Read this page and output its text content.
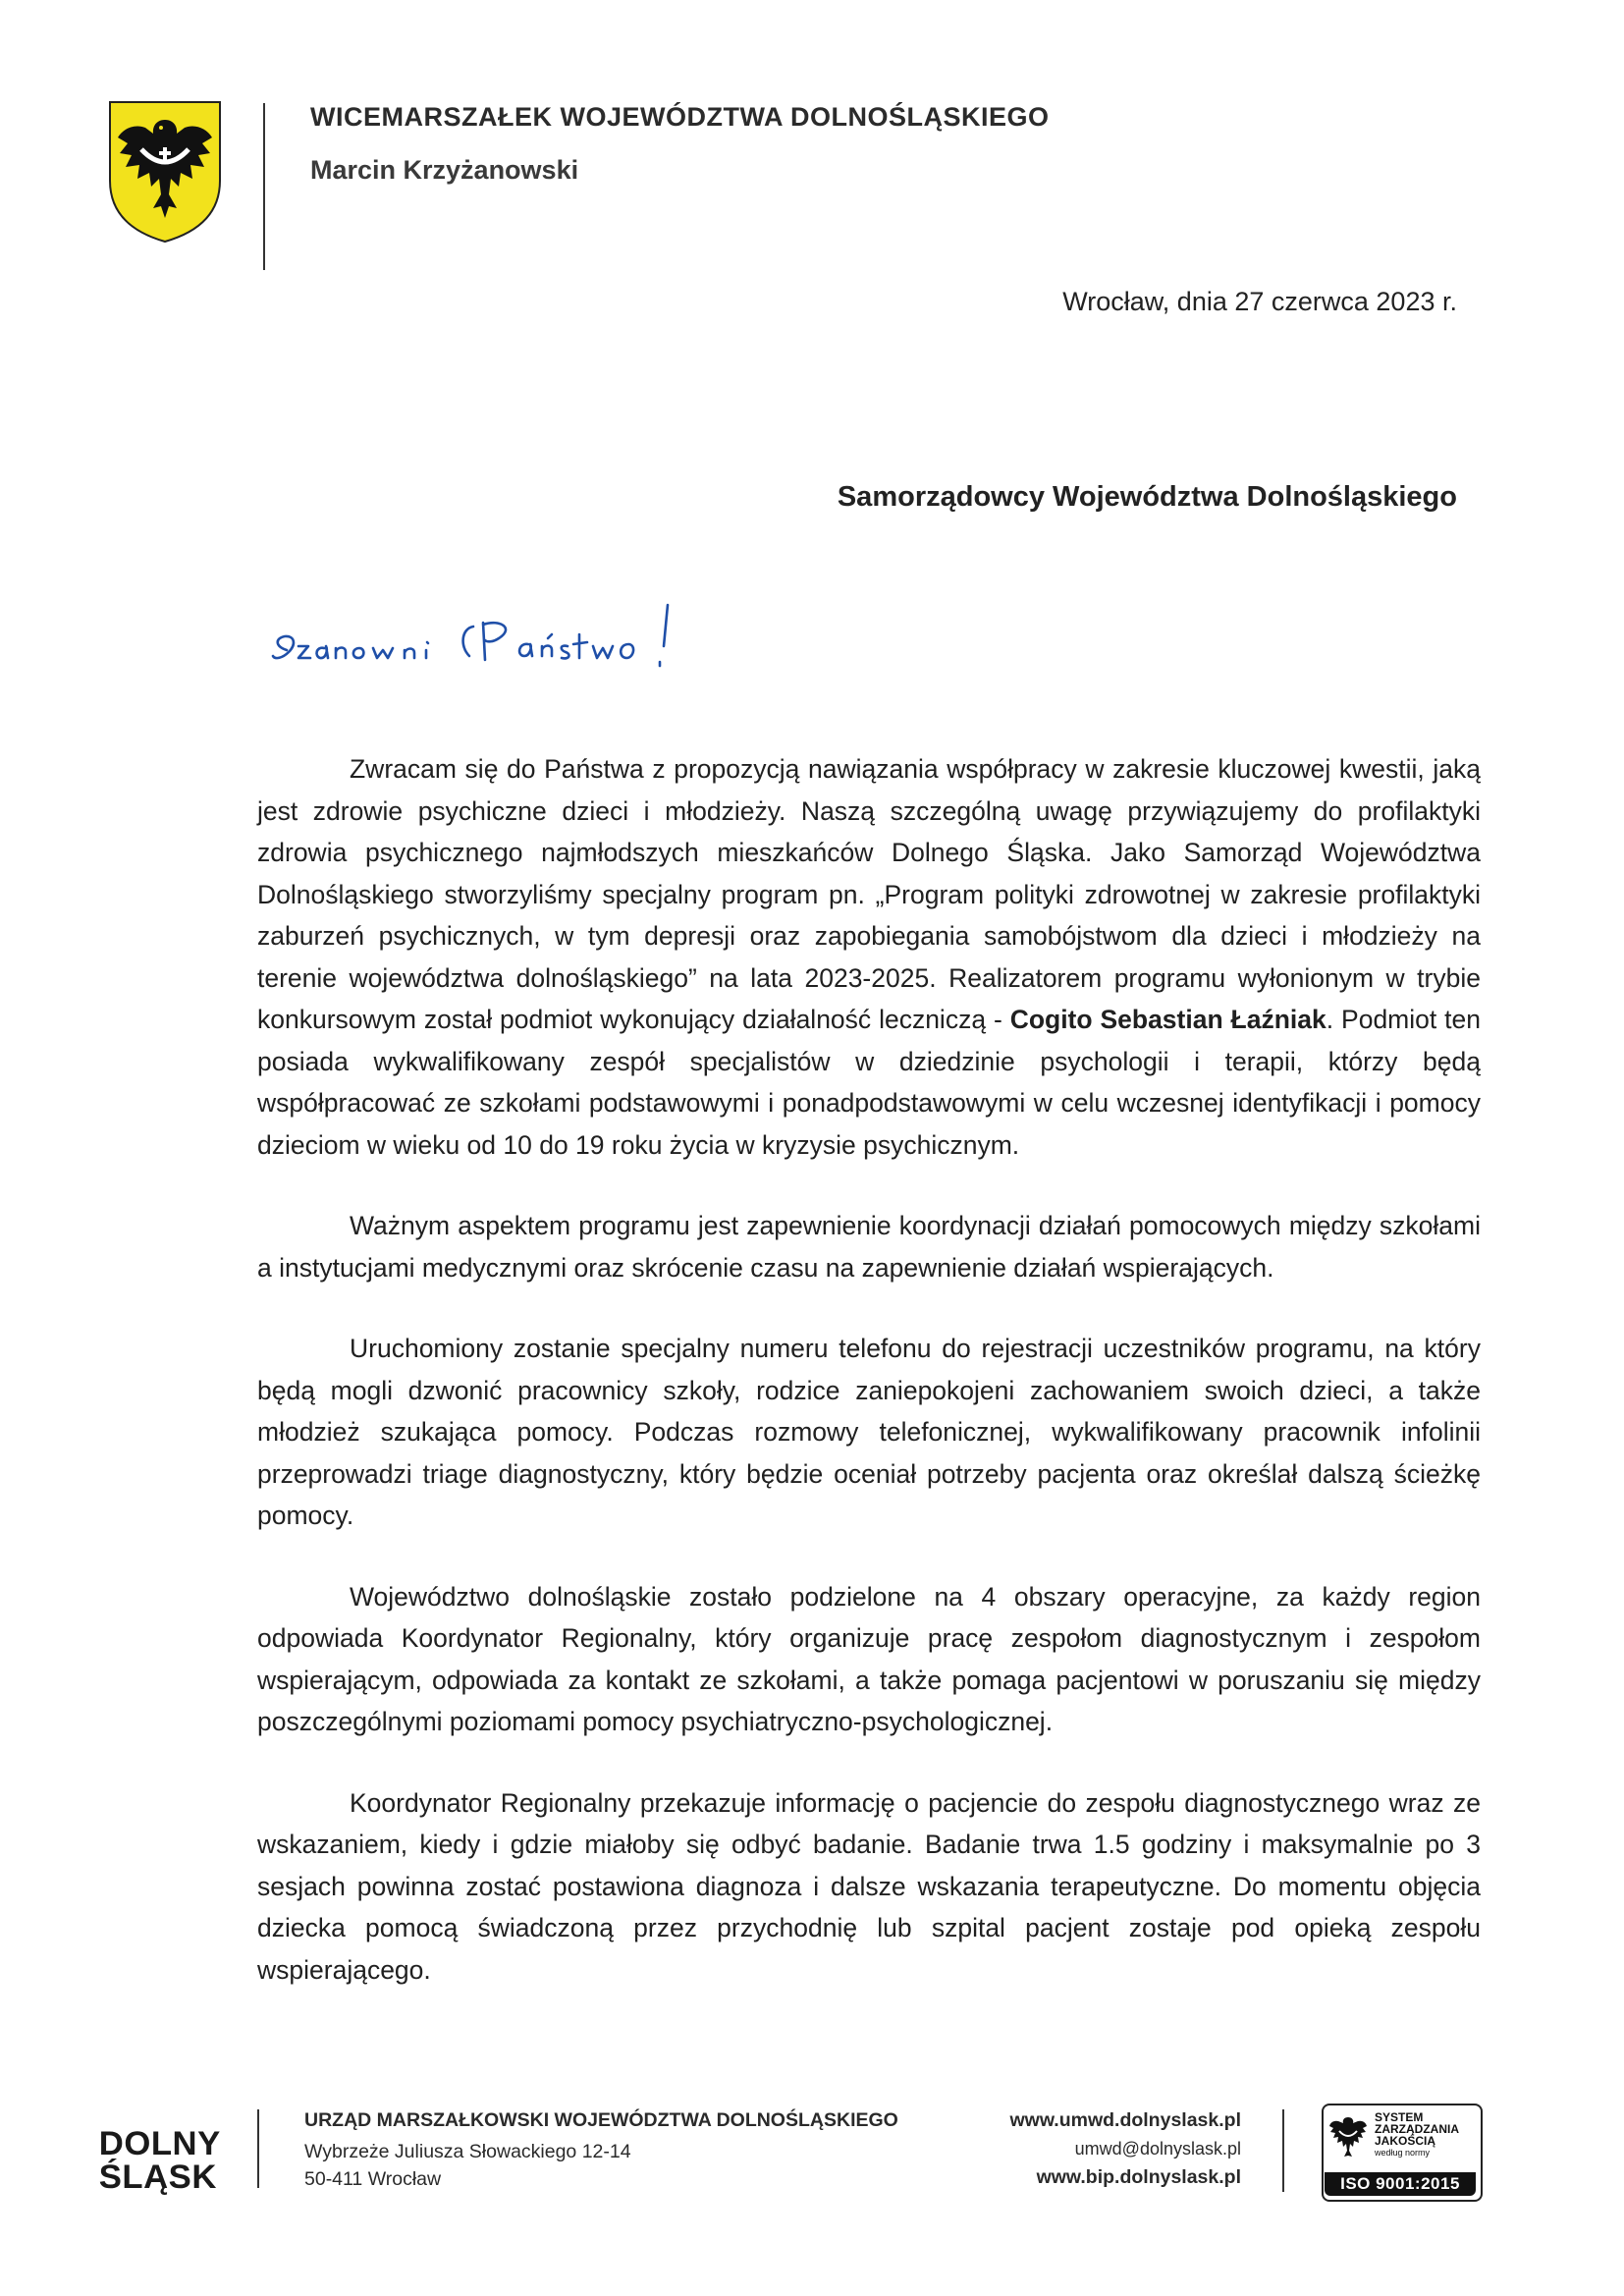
WICEMARSZAŁEK WOJEWÓDZTWA DOLNOŚLĄSKIEGO
Marcin Krzyżanowski
Wrocław, dnia 27 czerwca 2023 r.
Samorządowcy Województwa Dolnośląskiego

Zwracam się do Państwa z propozycją nawiązania współpracy w zakresie kluczowej kwestii, jaką jest zdrowie psychiczne dzieci i młodzieży. Naszą szczególną uwagę przywiązujemy do profilaktyki zdrowia psychicznego najmłodszych mieszkańców Dolnego Śląska. Jako Samorząd Województwa Dolnośląskiego stworzyliśmy specjalny program pn. „Program polityki zdrowotnej w zakresie profilaktyki zaburzeń psychicznych, w tym depresji oraz zapobiegania samobójstwom dla dzieci i młodzieży na terenie województwa dolnośląskiego” na lata 2023-2025. Realizatorem programu wyłonionym w trybie konkursowym został podmiot wykonujący działalność leczniczą - Cogito Sebastian Łaźniak. Podmiot ten posiada wykwalifikowany zespół specjalistów w dziedzinie psychologii i terapii, którzy będą współpracować ze szkołami podstawowymi i ponadpodstawowymi w celu wczesnej identyfikacji i pomocy dzieciom w wieku od 10 do 19 roku życia w kryzysie psychicznym.

Ważnym aspektem programu jest zapewnienie koordynacji działań pomocowych między szkołami a instytucjami medycznymi oraz skrócenie czasu na zapewnienie działań wspierających.

Uruchomiony zostanie specjalny numeru telefonu do rejestracji uczestników programu, na który będą mogli dzwonić pracownicy szkoły, rodzice zaniepokojeni zachowaniem swoich dzieci, a także młodzież szukająca pomocy. Podczas rozmowy telefonicznej, wykwalifikowany pracownik infolinii przeprowadzi triage diagnostyczny, który będzie oceniał potrzeby pacjenta oraz określał dalszą ścieżkę pomocy.

Województwo dolnośląskie zostało podzielone na 4 obszary operacyjne, za każdy region odpowiada Koordynator Regionalny, który organizuje pracę zespołom diagnostycznym i zespołom wspierającym, odpowiada za kontakt ze szkołami, a także pomaga pacjentowi w poruszaniu się między poszczególnymi poziomami pomocy psychiatryczno-psychologicznej.

Koordynator Regionalny przekazuje informację o pacjencie do zespołu diagnostycznego wraz ze wskazaniem, kiedy i gdzie miałoby się odbyć badanie. Badanie trwa 1.5 godziny i maksymalnie po 3 sesjach powinna zostać postawiona diagnoza i dalsze wskazania terapeutyczne. Do momentu objęcia dziecka pomocą świadczoną przez przychodnię lub szpital pacjent zostaje pod opieką zespołu wspierającego.

DOLNY
ŚLĄSK
URZĄD MARSZAŁKOWSKI WOJEWÓDZTWA DOLNOŚLĄSKIEGO
Wybrzeże Juliusza Słowackiego 12-14
50-411 Wrocław
www.umwd.dolnyslask.pl
umwd@dolnyslask.pl
www.bip.dolnyslask.pl
SYSTEM
ZARZĄDZANIA
JAKOŚCIĄ
według normy
ISO 9001:2015
